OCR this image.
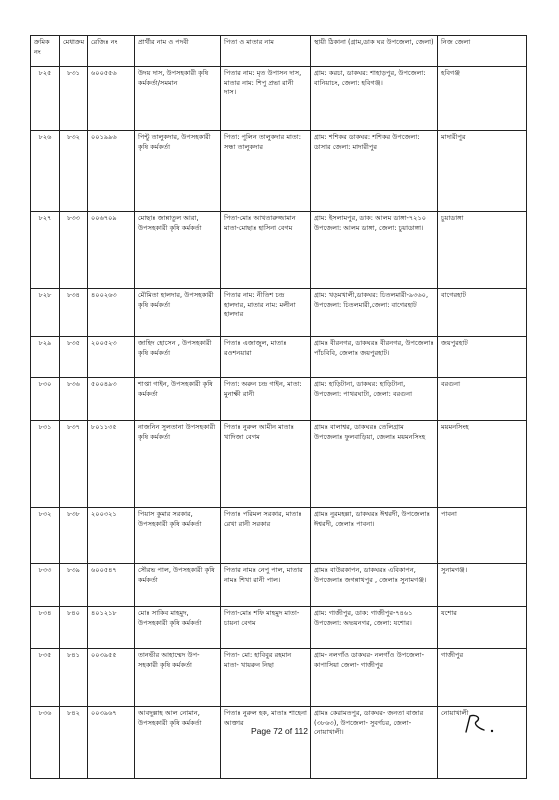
ক্রমিক নং	মেধাক্রম	রেজিঃ নং	প্রার্থীর নাম ও পদবী	পিতা ও মাতার নাম	স্থায়ী ঠিকানা (গ্রাম,ডাক ঘর উপজেলা, জেলা)	নিজ জেলা
৮২৫	৮৩১	৬০০৫৫৬	উদয় দাস, উপসহকারী কৃষি কর্মকর্তা/সমমান	পিতার নাম: মৃত উপাসন দাস, মাতার নাম: শিপু প্রভা রানী দাস।	গ্রাম: করচা, ডাকঘর: শাহাড়পুর, উপজেলা: বানিয়াচং, জেলা: হবিগঞ্জ।	হবিগঞ্জ
৮২৬	৮৩২	০০১৯৯৬	পিন্টু তালুকদার, উপসহকারী কৃষি কর্মকর্তা	পিতা: পুলিন তালুকদার মাতা: সন্ধা তালুকদার	গ্রাম: শশিকর ডাকঘর: শশিকর উপজেলা: ডাসার জেলা: মাদারীপুর	মাদারীপুর
৮২৭	৮৩৩	০০৬৭০৯	মোছাঃ জান্নাতুল আরা, উপসহকারী কৃষি কর্মকর্তা	পিতা-মোঃ আখতারুজ্জামান মাতা-মোছাঃ হাসিনা বেগম	গ্রাম: ইসলামপুর, ডাক: আলম ডাঙ্গা-৭২১০ উপজেলা: আলম ডাঙ্গা, জেলা: চুয়াডাঙ্গা।	চুয়াডাঙ্গা
৮২৮	৮৩৪	৪০০২৬৩	মৌমিতা হালদার, উপসহকারী কৃষি কর্মকর্তা	পিতার নাম: নীতিশ চন্দ্র হালদার, মাতার নাম: মলীনা হালদার	গ্রাম: খড়মখালী,ডাকঘর: চিতলমারী-৯৩৬০, উপজেলা: চিতলমারী,জেলা: বাগেরহাট	বাগেরহাট
৮২৯	৮৩৫	২০০৫২৩	জাহিদ হোসেন , উপসহকারী কৃষি কর্মকর্তা	পিতাঃ এজাজুল, মাতাঃ রওশনয়ারা	গ্রামঃ বীরনগর, ডাকঘরঃ বীরনগর, উপজেলাঃ পাঁচবিবি, জেলাঃ জয়পুরহাট।	জয়পুরহাট
৮৩০	৮৩৬	৫০০৪৯৩	শাপ্তা গাইন, উপসহকারী কৃষি কর্মকর্তা	পিতা: অরুন চন্দ্র গাইন, মাতা: মুনাক্ষী রানী	গ্রাম: হাড়িটানা, ডাকঘর: হাড়িটানা, উপজেলা: পাথরঘাটা, জেলা: বরগুনা	বরগুনা
৮৩১	৮৩৭	৮০১১৩৫	নাজনিন সুলতানা উপসহকারী কৃষি কর্মকর্তা	পিতাঃ নুরুল আমীন মাতাঃ খাদিজা বেগম	গ্রামঃ বালাশ্বর, ডাকঘরঃ তেলিগ্রাম উপজেলাঃ ফুলবাড়িয়া, জেলাঃ ময়মনসিংহ	ময়মনসিংহ
৮৩২	৮৩৮	২০০৩২১	পিয়াস কুমার সরকার, উপসহকারী কৃষি কর্মকর্তা	পিতাঃ পরিমল সরকার, মাতাঃ রেখা রানী সরকার	গ্রামঃ নুরমহল্লা, ডাকঘরঃ ঈশ্বরদী, উপজেলাঃ ঈশ্বরদী, জেলাঃ পাবনা।	পাবনা
৮৩৩	৮৩৯	৬০০৫৪৭	সৌরভ পাল, উপসহকারী কৃষি কর্মকর্তা	পিতার নামঃ নেপু পাল, মাতার নামঃ শিখা রানী পাল।	গ্রামঃ বাউরকাপন, ডাকঘরঃ এবিকাপন, উপজেলাঃ জগন্নাথপুর , জেলাঃ সুনামগঞ্জ।	সুনামগঞ্জ।
৮৩৪	৮৪০	৪০১২১৮	মোঃ সাকিব মাহমুদ, উপসহকারী কৃষি কর্মকর্তা	পিতা-মোঃ শফি মাহমুদ মাতা-চায়না বেগম	গ্রাম: গাজীপুর, ডাক: গাজীপুর-৭৪৬১ উপজেলা: অভয়নগর, জেলা: যশোর।	যশোর
৮৩৫	৮৪১	০০৩৯৫৫	তানভীর আহাম্মেদ উপ-সহকারী কৃষি কর্মকর্তা	পিতা- মো: হাবিবুর রহমান মাতা- খায়রুন নিছা	গ্রাম- নলগাঁও ডাকঘর- নলগাঁও উপজেলা- কাপাসিয়া জেলা- গাজীপুর	গাজীপুর
৮৩৬	৮৪২	০০৩৯৬৭	আবদুল্লাহ আল নোমান, উপসহকারী কৃষি কর্মকর্তা	পিতাঃ নুরুল হক, মাতাঃ শাহেনা আক্তার	গ্রামঃ কেরামতপুর, ডাকঘর- জনতা বাজার (৩৮৬৩), উপজেলা- সুবর্ণচর, জেলা- নোয়াখালী।	নোয়াখালী
Page 72 of 112
